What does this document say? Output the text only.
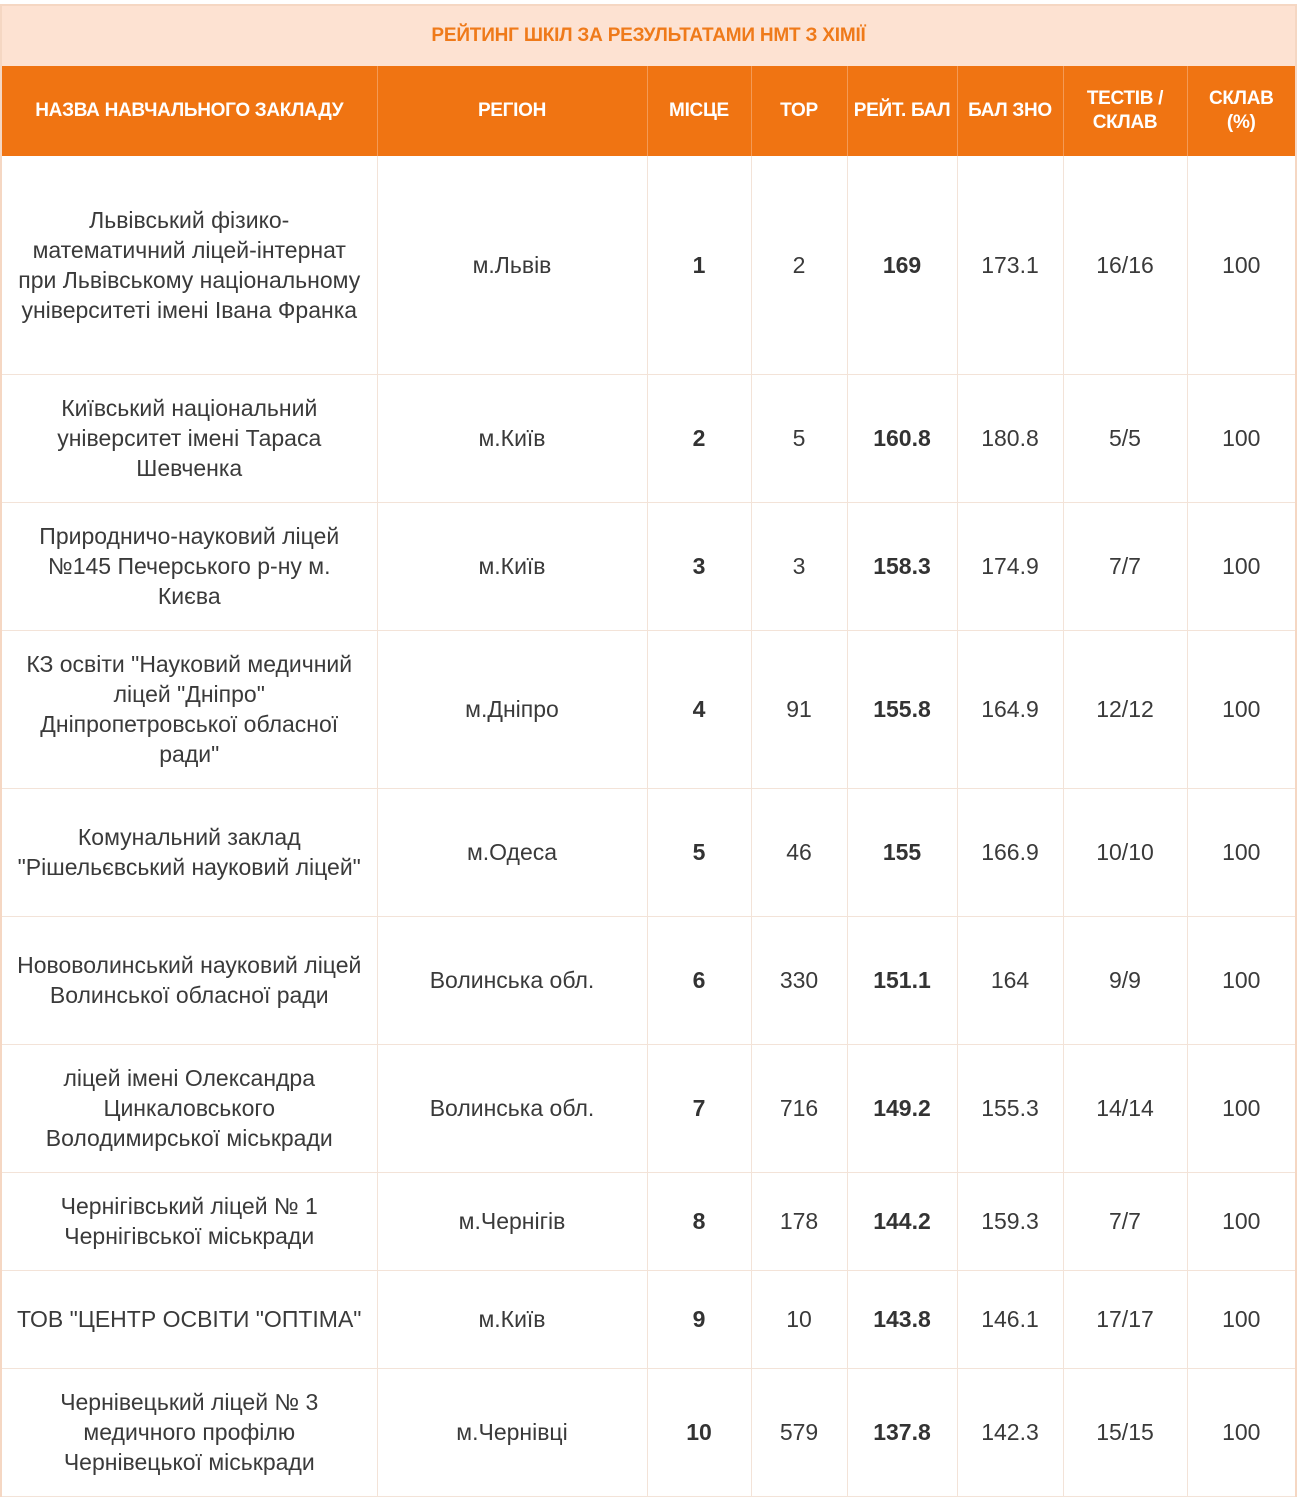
РЕЙТИНГ ШКІЛ ЗА РЕЗУЛЬТАТАМИ НМТ З ХІМІЇ
НАЗВА НАВЧАЛЬНОГО ЗАКЛАДУ	РЕГІОН	МІСЦЕ	TOP	РЕЙТ. БАЛ	БАЛ ЗНО	ТЕСТІВ / СКЛАВ	СКЛАВ (%)
Львівський фізико-математичний ліцей-інтернат при Львівському національному університеті імені Івана Франка	м.Львів	1	2	169	173.1	16/16	100
Київський національний університет імені Тараса Шевченка	м.Київ	2	5	160.8	180.8	5/5	100
Природничо-науковий ліцей №145 Печерського р-ну м. Києва	м.Київ	3	3	158.3	174.9	7/7	100
КЗ освіти "Науковий медичний ліцей "Дніпро" Дніпропетровської обласної ради"	м.Дніпро	4	91	155.8	164.9	12/12	100
Комунальний заклад "Рішельєвський науковий ліцей"	м.Одеса	5	46	155	166.9	10/10	100
Нововолинський науковий ліцей Волинської обласної ради	Волинська обл.	6	330	151.1	164	9/9	100
ліцей імені Олександра Цинкаловського Володимирської міськради	Волинська обл.	7	716	149.2	155.3	14/14	100
Чернігівський ліцей № 1 Чернігівської міськради	м.Чернігів	8	178	144.2	159.3	7/7	100
ТОВ "ЦЕНТР ОСВІТИ "ОПТІМА"	м.Київ	9	10	143.8	146.1	17/17	100
Чернівецький ліцей № 3 медичного профілю Чернівецької міськради	м.Чернівці	10	579	137.8	142.3	15/15	100
